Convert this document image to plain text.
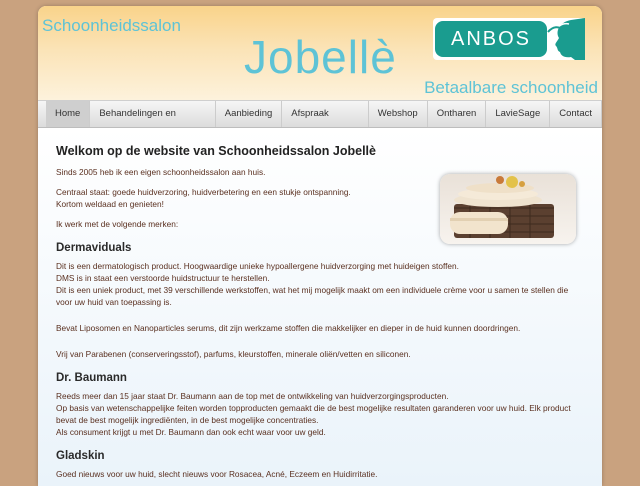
Schoonheidssalon
Jobellè
Betaalbare schoonheid
ANBOS
Home	Behandelingen en	Aanbieding	Afspraak	Webshop	Ontharen	LavieSage	Contact
Welkom op de website van Schoonheidssalon Jobellè

Sinds 2005 heb ik een eigen schoonheidssalon aan huis.

Centraal staat: goede huidverzoring, huidverbetering en een stukje ontspanning.
Kortom weldaad en genieten!

Ik werk met de volgende merken:

Dermaviduals

Dit is een dermatologisch product. Hoogwaardige unieke hypoallergene huidverzorging met huideigen stoffen.
DMS is in staat een verstoorde huidstructuur te herstellen.
Dit is een uniek product, met 39 verschillende werkstoffen, wat het mij mogelijk maakt om een individuele crème voor u samen te stellen die voor uw huid van toepassing is.

Bevat Liposomen en Nanoparticles serums, dit zijn werkzame stoffen die makkelijker en dieper in de huid kunnen doordringen.

Vrij van Parabenen (conserveringsstof), parfums, kleurstoffen, minerale oliën/vetten en siliconen.

Dr. Baumann

Reeds meer dan 15 jaar staat Dr. Baumann aan de top met de ontwikkeling van huidverzorgingsproducten.
Op basis van wetenschappelijke feiten worden topproducten gemaakt die de best mogelijke resultaten garanderen voor uw huid. Elk product bevat de best mogelijk ingrediënten, in de best mogelijke concentraties.
Als consument krijgt u met Dr. Baumann dan ook echt waar voor uw geld.

Gladskin

Goed nieuws voor uw huid, slecht nieuws voor Rosacea, Acné, Eczeem en Huidirritatie.
